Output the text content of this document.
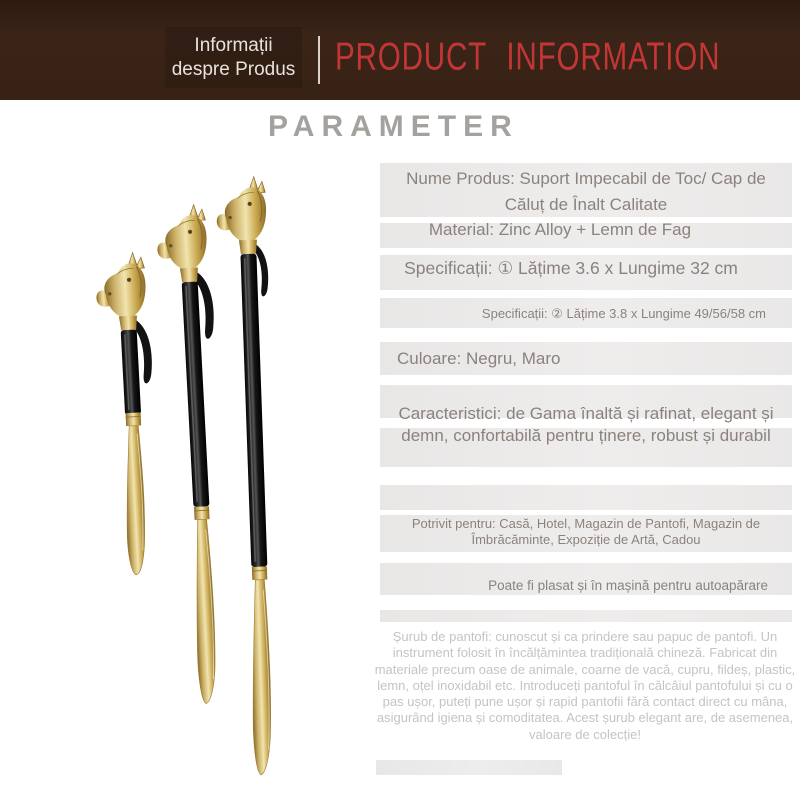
Informații
despre Produs PRODUCT INFORMATION
PARAMETER
Nume Produs: Suport Impecabil de Toc/ Cap de Căluț de Înalt Calitate
Material: Zinc Alloy + Lemn de Fag
Specificații: ① Lățime 3.6 x Lungime 32 cm
Specificații: ② Lățime 3.8 x Lungime 49/56/58 cm
Culoare: Negru, Maro
Caracteristici: de Gama înaltă și rafinat, elegant și demn, confortabilă pentru ținere, robust și durabil
Potrivit pentru: Casă, Hotel, Magazin de Pantofi, Magazin de Îmbrăcăminte, Expoziție de Artă, Cadou
Poate fi plasat și în mașină pentru autoapărare

Șurub de pantofi: cunoscut și ca prindere sau papuc de pantofi. Un instrument folosit în încălțămintea tradițională chineză. Fabricat din materiale precum oase de animale, coarne de vacă, cupru, fildeș, plastic, lemn, oțel inoxidabil etc. Introduceți pantoful în călcâiul pantofului și cu o pas ușor, puteți pune ușor și rapid pantofii fără contact direct cu mâna, asigurând igiena și comoditatea. Acest șurub elegant are, de asemenea, valoare de colecție!
